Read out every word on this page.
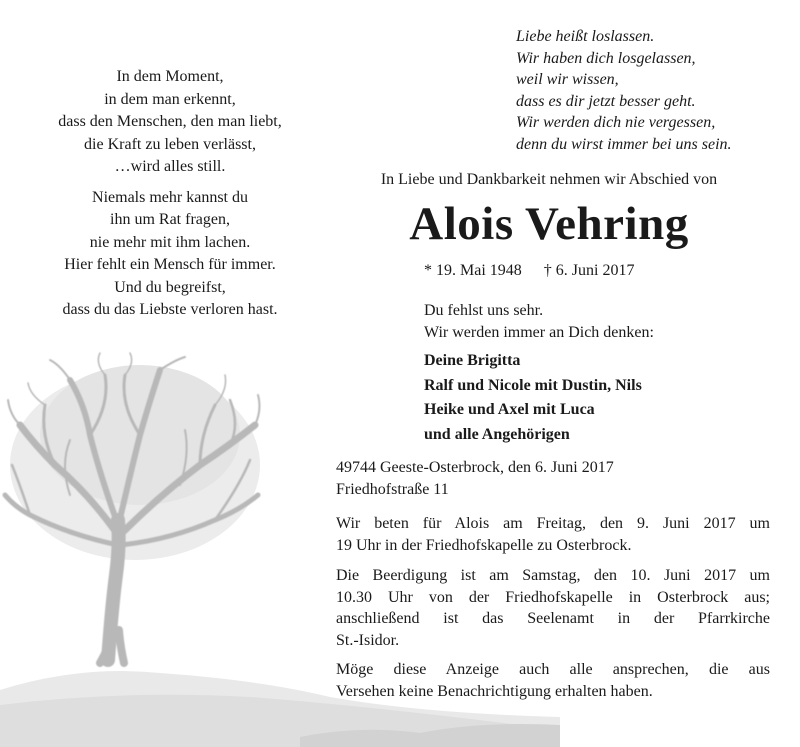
Liebe heißt loslassen.
Wir haben dich losgelassen,
weil wir wissen,
dass es dir jetzt besser geht.
Wir werden dich nie vergessen,
denn du wirst immer bei uns sein.
In dem Moment,
in dem man erkennt,
dass den Menschen, den man liebt,
die Kraft zu leben verlässt,
…wird alles still.
Niemals mehr kannst du
ihn um Rat fragen,
nie mehr mit ihm lachen.
Hier fehlt ein Mensch für immer.
Und du begreifst,
dass du das Liebste verloren hast.
In Liebe und Dankbarkeit nehmen wir Abschied von
Alois Vehring
* 19. Mai 1948 † 6. Juni 2017
Du fehlst uns sehr.
Wir werden immer an Dich denken:
Deine Brigitta
Ralf und Nicole mit Dustin, Nils
Heike und Axel mit Luca
und alle Angehörigen
49744 Geeste-Osterbrock, den 6. Juni 2017
Friedhofstraße 11
Wir beten für Alois am Freitag, den 9. Juni 2017 um
19 Uhr in der Friedhofskapelle zu Osterbrock.
Die Beerdigung ist am Samstag, den 10. Juni 2017 um
10.30 Uhr von der Friedhofskapelle in Osterbrock aus;
anschließend ist das Seelenamt in der Pfarrkirche
St.-Isidor.
Möge diese Anzeige auch alle ansprechen, die aus
Versehen keine Benachrichtigung erhalten haben.
